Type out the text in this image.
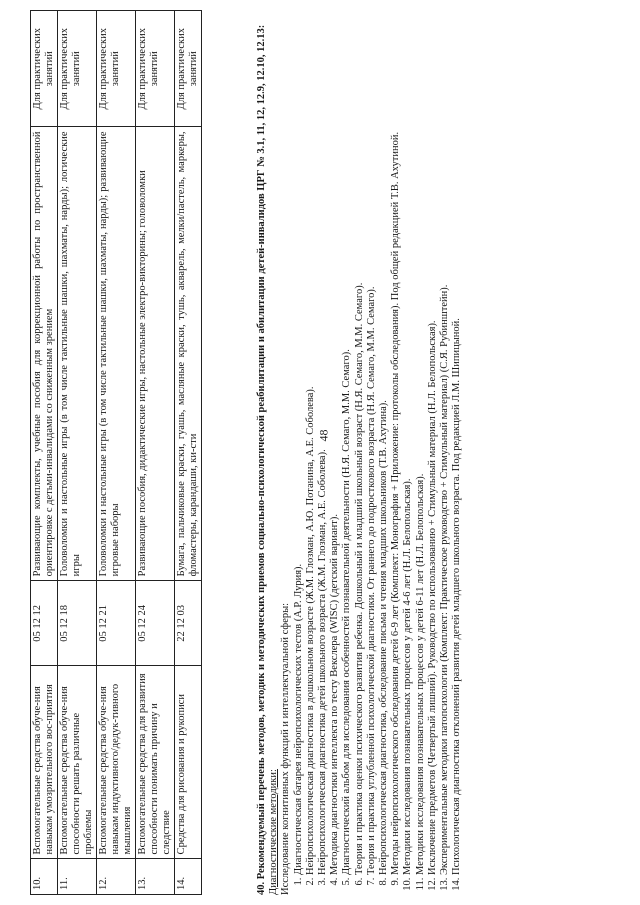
48
10.	Вспомогательные средства обуче-ния навыкам умозрительного вос-приятия	05 12 12	Развивающие комплекты, учебные пособия для коррекционной работы по пространственной ориентировке с детьми-инвалидами со сниженным зрением	Для практических занятий
11.	Вспомогательные средства обуче-ния способности решать различные проблемы	05 12 18	Головоломки и настольные игры (в том числе тактильные шашки, шахматы, нарды); логические игры	Для практических занятий
12.	Вспомогательные средства обуче-ния навыкам индуктивного/дедук-тивного мышления	05 12 21	Головоломки и настольные игры (в том числе тактильные шашки, шахматы, нарды); развивающие игровые наборы	Для практических занятий
13.	Вспомогательные средства для развития способности понимать причину и следствие	05 12 24	Развивающие пособия, дидактические игры, настольные электро-викторины; головоломки	Для практических занятий
14.	Средства для рисования и рукописи	22 12 03	Бумага, пальчиковые краски, гуашь, масляные краски, тушь, акварель, мелки/пастель, маркеры, фломастеры, карандаши, ки-сти	Для практических занятий	40. Рекомендуемый перечень методов, методик и методических приемов социально-психологической реабилитации и абилитации детей-инвалидов ЦРГ № 3.1, 11, 12, 12.9, 12.10, 12.13: Диагностические методики: Исследование когнитивных функций и интеллектуальной сферы: 1. Диагностическая батарея нейропсихологических тестов (А.Р. Лурия). 2. Нейропсихологическая диагностика в дошкольном возрасте (Ж.М. Глозман, А.Ю. Потанина, А.Е. Соболева). 3. Нейропсихологическая диагностика детей школьного возраста (Ж.М. Глозман, А.Е. Соболева). 4. Методика диагностики интеллекта по тесту Векслера (WISC) (детский вариант). 5. Диагностический альбом для исследования особенностей познавательной деятельности (Н.Я. Семаго, М.М. Семаго). 6. Теория и практика оценки психического развития ребенка. Дошкольный и младший школьный возраст (Н.Я. Семаго, М.М. Семаго). 7. Теория и практика углубленной психологической диагностики. От раннего до подросткового возраста (Н.Я. Семаго, М.М. Семаго). 8. Нейропсихологическая диагностика, обследование письма и чтения младших школьников (Т.В. Ахутина). 9. Методы нейропсихологического обследования детей 6-9 лет (Комплект: Монография + Приложение: протоколы обследования). Под общей редакцией Т.В. Ахутиной. 10. Методики исследования познавательных процессов у детей 4-6 лет (Н.Л. Белопольская). 11. Методики исследования познавательных процессов у детей 6-11 лет (Н.Л. Белопольская). 12. Исключение предметов (Четвертый лишний). Руководство по использованию + Стимульный материал (Н.Л. Белопольская). 13. Экспериментальные методики патопсихологии (Комплект: Практическое руководство + Стимульный материал) (С.Я. Рубинштейн). 14. Психологическая диагностика отклонений развития детей младшего школьного возраста. Под редакцией Л.М. Шипицыной.
